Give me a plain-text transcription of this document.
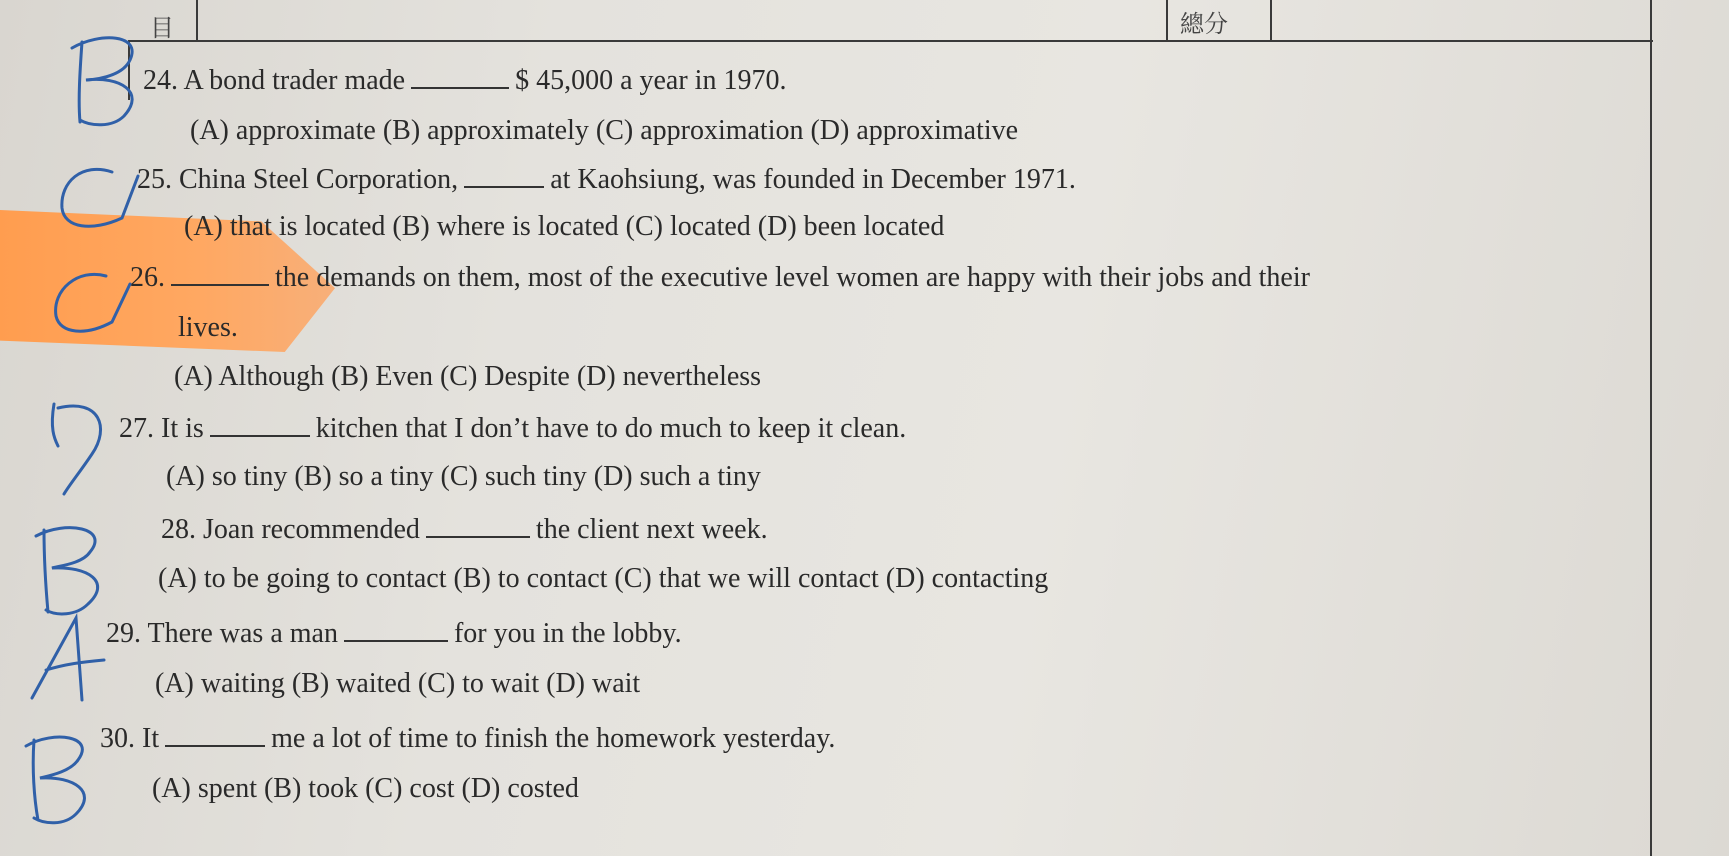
目	總分
24. A bond trader made	$ 45,000 a year in 1970.
(A) approximate (B) approximately (C) approximation (D) approximative
25. China Steel Corporation,	at Kaohsiung, was founded in December 1971.
(A) that is located (B) where is located (C) located (D) been located
26.	the demands on them, most of the executive level women are happy with their jobs and their
lives.
(A) Although (B) Even (C) Despite (D) nevertheless
27. It is	kitchen that I don’t have to do much to keep it clean.
(A) so tiny (B) so a tiny (C) such tiny (D) such a tiny
28. Joan recommended	the client next week.
(A) to be going to contact (B) to contact (C) that we will contact (D) contacting
29. There was a man	for you in the lobby.
(A) waiting (B) waited (C) to wait (D) wait
30. It	me a lot of time to finish the homework yesterday.
(A) spent (B) took (C) cost (D) costed
